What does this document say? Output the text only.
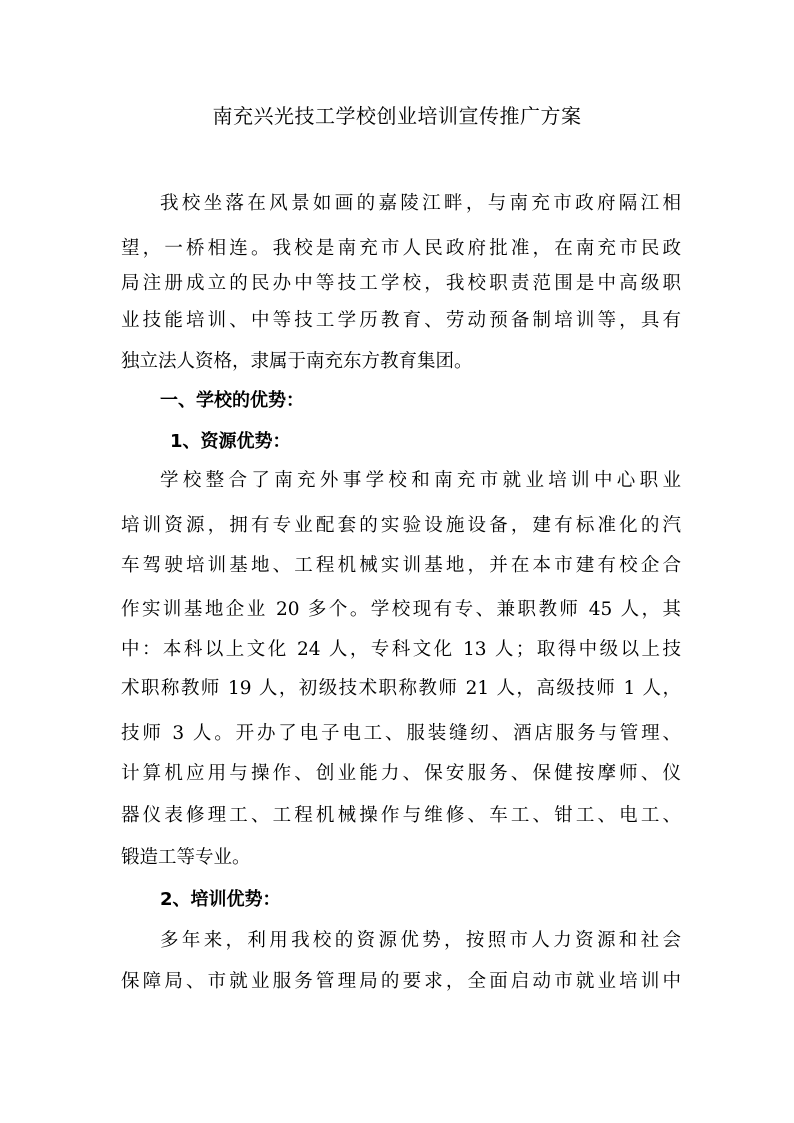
南充兴光技工学校创业培训宣传推广方案

我校坐落在风景如画的嘉陵江畔，与南充市政府隔江相

望，一桥相连。我校是南充市人民政府批准，在南充市民政

局注册成立的民办中等技工学校，我校职责范围是中高级职

业技能培训、中等技工学历教育、劳动预备制培训等，具有

独立法人资格，隶属于南充东方教育集团。

一、学校的优势：

1、资源优势：

学校整合了南充外事学校和南充市就业培训中心职业

培训资源，拥有专业配套的实验设施设备，建有标准化的汽

车驾驶培训基地、工程机械实训基地，并在本市建有校企合

作实训基地企业 20 多个。学校现有专、兼职教师 45 人，其

中：本科以上文化 24 人，专科文化 13 人；取得中级以上技

术职称教师 19 人，初级技术职称教师 21 人，高级技师 1 人，

技师 3 人。开办了电子电工、服装缝纫、酒店服务与管理、

计算机应用与操作、创业能力、保安服务、保健按摩师、仪

器仪表修理工、工程机械操作与维修、车工、钳工、电工、

锻造工等专业。

2、培训优势：

多年来，利用我校的资源优势，按照市人力资源和社会

保障局、市就业服务管理局的要求，全面启动市就业培训中
